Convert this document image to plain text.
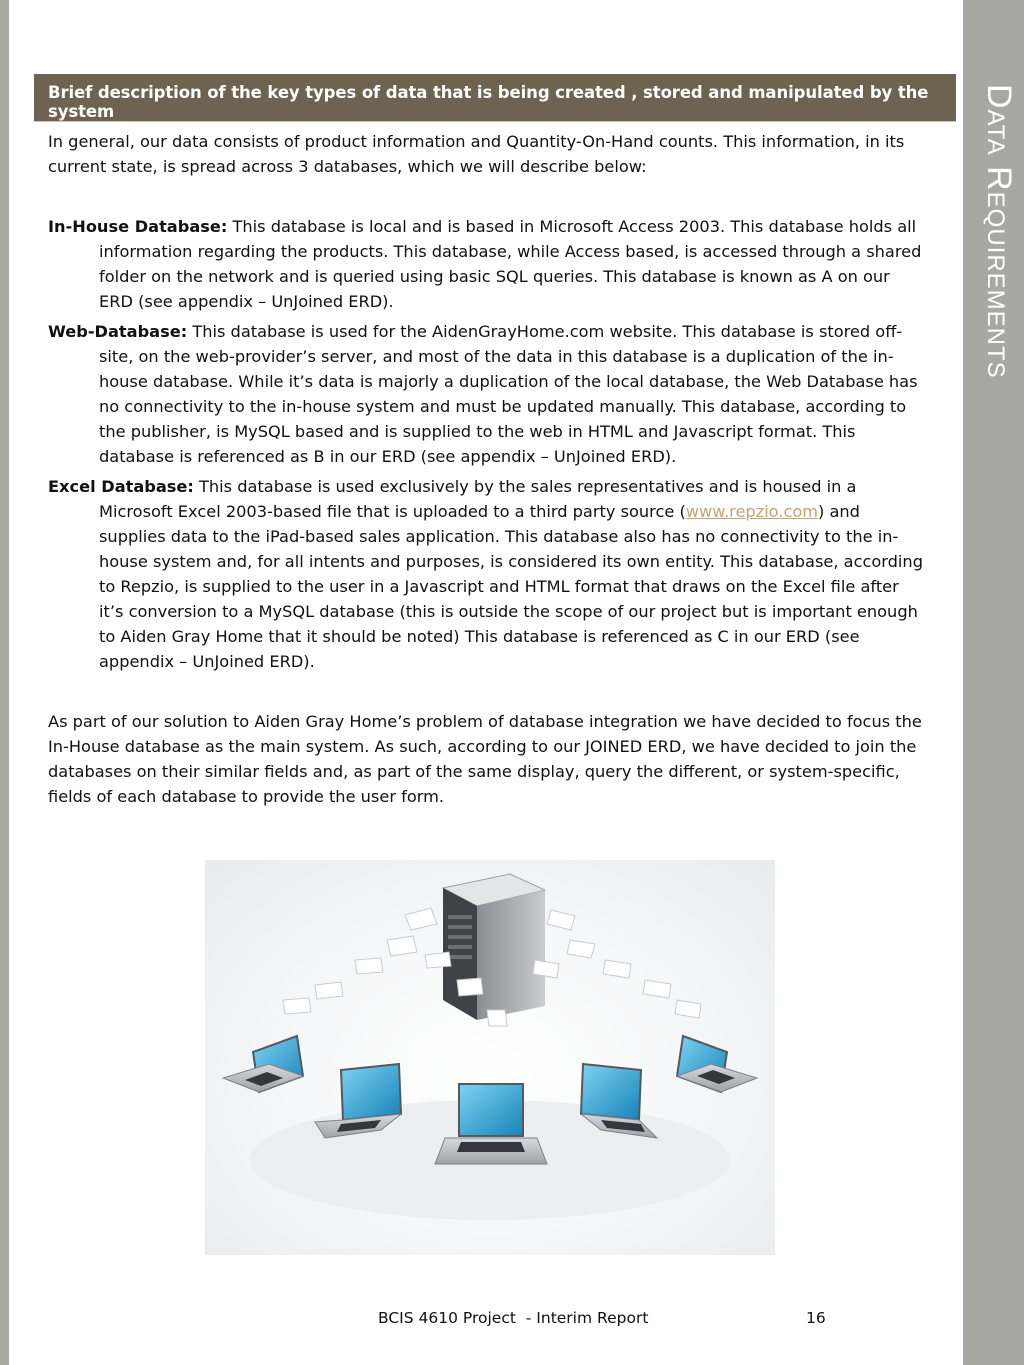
Data Requirements
Brief description of the key types of data that is being created , stored and manipulated by the system
In general, our data consists of product information and Quantity-On-Hand counts. This information, in its current state, is spread across 3 databases, which we will describe below:
In-House Database: This database is local and is based in Microsoft Access 2003. This database holds all information regarding the products. This database, while Access based, is accessed through a shared folder on the network and is queried using basic SQL queries. This database is known as A on our ERD (see appendix – UnJoined ERD).
Web-Database: This database is used for the AidenGrayHome.com website. This database is stored off-site, on the web-provider’s server, and most of the data in this database is a duplication of the in-house database. While it’s data is majorly a duplication of the local database, the Web Database has no connectivity to the in-house system and must be updated manually. This database, according to the publisher, is MySQL based and is supplied to the web in HTML and Javascript format. This database is referenced as B in our ERD (see appendix – UnJoined ERD).
Excel Database: This database is used exclusively by the sales representatives and is housed in a Microsoft Excel 2003-based file that is uploaded to a third party source (www.repzio.com) and supplies data to the iPad-based sales application. This database also has no connectivity to the in-house system and, for all intents and purposes, is considered its own entity. This database, according to Repzio, is supplied to the user in a Javascript and HTML format that draws on the Excel file after it’s conversion to a MySQL database (this is outside the scope of our project but is important enough to Aiden Gray Home that it should be noted) This database is referenced as C in our ERD (see appendix – UnJoined ERD).
As part of our solution to Aiden Gray Home’s problem of database integration we have decided to focus the In-House database as the main system. As such, according to our JOINED ERD, we have decided to join the databases on their similar fields and, as part of the same display, query the different, or system-specific, fields of each database to provide the user form.
BCIS 4610 Project  - Interim Report	16
